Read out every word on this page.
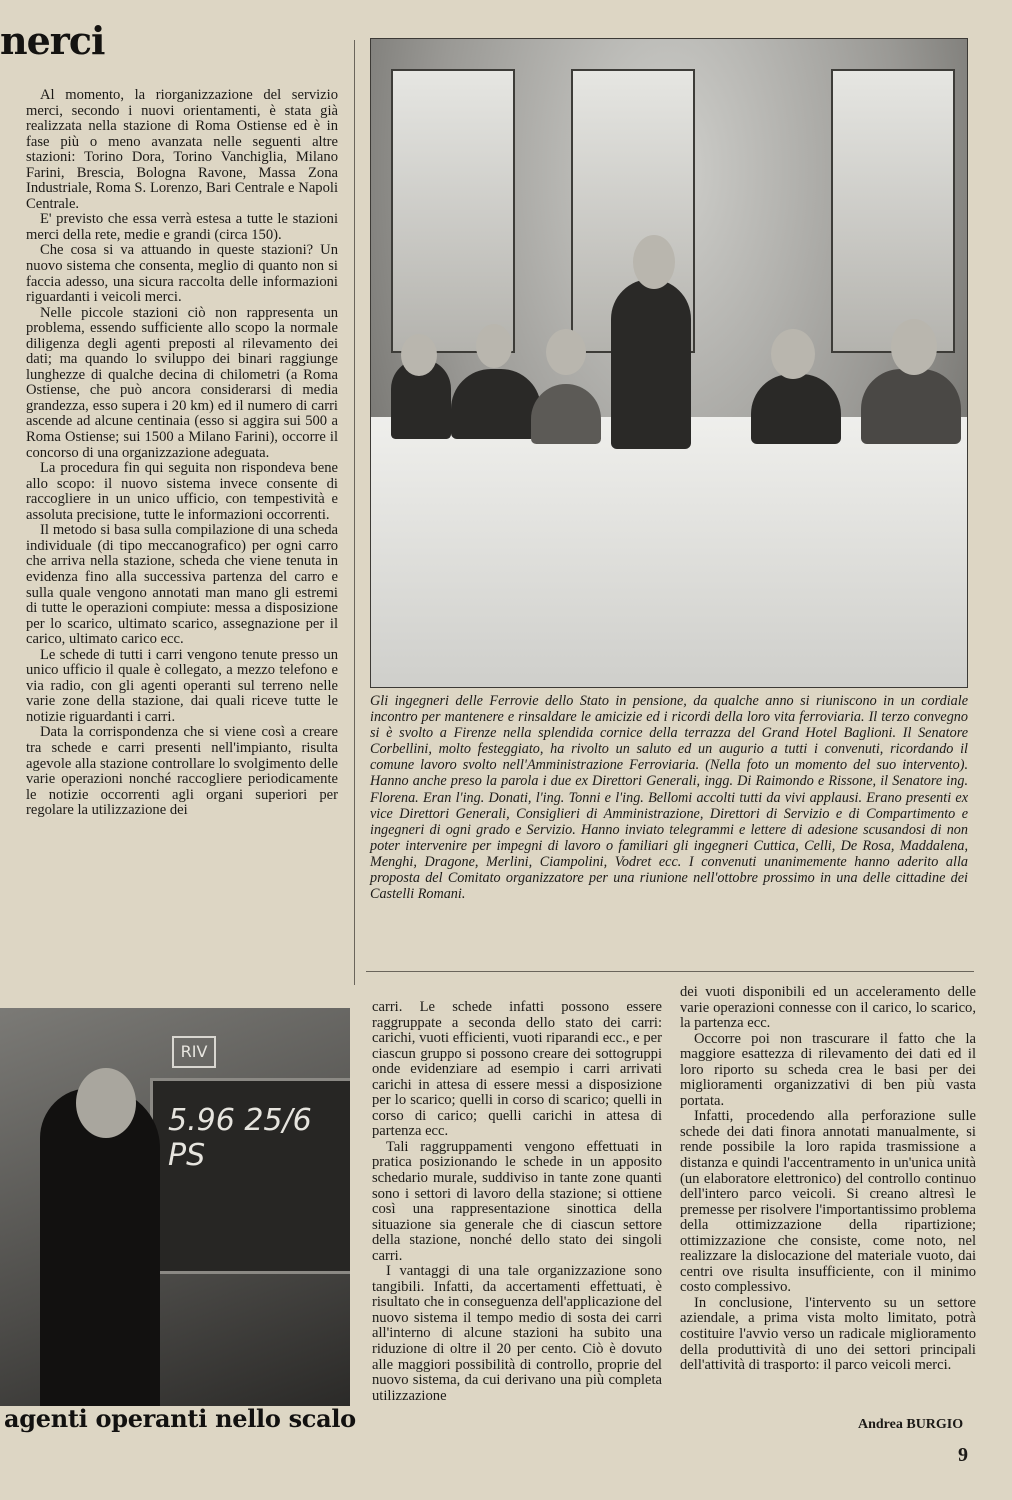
nerci

Al momento, la riorganizzazione del servizio merci, secondo i nuovi orientamenti, è stata già realizzata nella stazione di Roma Ostiense ed è in fase più o meno avanzata nelle seguenti altre stazioni: Torino Dora, Torino Vanchiglia, Milano Farini, Brescia, Bologna Ravone, Massa Zona Industriale, Roma S. Lorenzo, Bari Centrale e Napoli Centrale.

E' previsto che essa verrà estesa a tutte le stazioni merci della rete, medie e grandi (circa 150).

Che cosa si va attuando in queste stazioni? Un nuovo sistema che consenta, meglio di quanto non si faccia adesso, una sicura raccolta delle informazioni riguardanti i veicoli merci.

Nelle piccole stazioni ciò non rappresenta un problema, essendo sufficiente allo scopo la normale diligenza degli agenti preposti al rilevamento dei dati; ma quando lo sviluppo dei binari raggiunge lunghezze di qualche decina di chilometri (a Roma Ostiense, che può ancora considerarsi di media grandezza, esso supera i 20 km) ed il numero di carri ascende ad alcune centinaia (esso si aggira sui 500 a Roma Ostiense; sui 1500 a Milano Farini), occorre il concorso di una organizzazione adeguata.

La procedura fin qui seguita non rispondeva bene allo scopo: il nuovo sistema invece consente di raccogliere in un unico ufficio, con tempestività e assoluta precisione, tutte le informazioni occorrenti.

Il metodo si basa sulla compilazione di una scheda individuale (di tipo meccanografico) per ogni carro che arriva nella stazione, scheda che viene tenuta in evidenza fino alla successiva partenza del carro e sulla quale vengono annotati man mano gli estremi di tutte le operazioni compiute: messa a disposizione per lo scarico, ultimato scarico, assegnazione per il carico, ultimato carico ecc.

Le schede di tutti i carri vengono tenute presso un unico ufficio il quale è collegato, a mezzo telefono e via radio, con gli agenti operanti sul terreno nelle varie zone della stazione, dai quali riceve tutte le notizie riguardanti i carri.

Data la corrispondenza che si viene così a creare tra schede e carri presenti nell'impianto, risulta agevole alla stazione controllare lo svolgimento delle varie operazioni nonché raccogliere periodicamente le notizie occorrenti agli organi superiori per regolare la utilizzazione dei

Gli ingegneri delle Ferrovie dello Stato in pensione, da qualche anno si riuniscono in un cordiale incontro per mantenere e rinsaldare le amicizie ed i ricordi della loro vita ferroviaria. Il terzo convegno si è svolto a Firenze nella splendida cornice della terrazza del Grand Hotel Baglioni. Il Senatore Corbellini, molto festeggiato, ha rivolto un saluto ed un augurio a tutti i convenuti, ricordando il comune lavoro svolto nell'Amministrazione Ferroviaria. (Nella foto un momento del suo intervento). Hanno anche preso la parola i due ex Direttori Generali, ingg. Di Raimondo e Rissone, il Senatore ing. Florena. Eran l'ing. Donati, l'ing. Tonni e l'ing. Bellomi accolti tutti da vivi applausi. Erano presenti ex vice Direttori Generali, Consiglieri di Amministrazione, Direttori di Servizio e di Compartimento e ingegneri di ogni grado e Servizio. Hanno inviato telegrammi e lettere di adesione scusandosi di non poter intervenire per impegni di lavoro o familiari gli ingegneri Cuttica, Celli, De Rosa, Maddalena, Menghi, Dragone, Merlini, Ciampolini, Vodret ecc. I convenuti unanimemente hanno aderito alla proposta del Comitato organizzatore per una riunione nell'ottobre prossimo in una delle cittadine dei Castelli Romani.
RIV
5.96 25/6 PS
agenti operanti nello scalo

carri. Le schede infatti possono essere raggruppate a seconda dello stato dei carri: carichi, vuoti efficienti, vuoti riparandi ecc., e per ciascun gruppo si possono creare dei sottogruppi onde evidenziare ad esempio i carri arrivati carichi in attesa di essere messi a disposizione per lo scarico; quelli in corso di scarico; quelli in corso di carico; quelli carichi in attesa di partenza ecc.

Tali raggruppamenti vengono effettuati in pratica posizionando le schede in un apposito schedario murale, suddiviso in tante zone quanti sono i settori di lavoro della stazione; si ottiene così una rappresentazione sinottica della situazione sia generale che di ciascun settore della stazione, nonché dello stato dei singoli carri.

I vantaggi di una tale organizzazione sono tangibili. Infatti, da accertamenti effettuati, è risultato che in conseguenza dell'applicazione del nuovo sistema il tempo medio di sosta dei carri all'interno di alcune stazioni ha subito una riduzione di oltre il 20 per cento. Ciò è dovuto alle maggiori possibilità di controllo, proprie del nuovo sistema, da cui derivano una più completa utilizzazione

dei vuoti disponibili ed un acceleramento delle varie operazioni connesse con il carico, lo scarico, la partenza ecc.

Occorre poi non trascurare il fatto che la maggiore esattezza di rilevamento dei dati ed il loro riporto su scheda crea le basi per dei miglioramenti organizzativi di ben più vasta portata.

Infatti, procedendo alla perforazione sulle schede dei dati finora annotati manualmente, si rende possibile la loro rapida trasmissione a distanza e quindi l'accentramento in un'unica unità (un elaboratore elettronico) del controllo continuo dell'intero parco veicoli. Si creano altresì le premesse per risolvere l'importantissimo problema della ottimizzazione della ripartizione; ottimizzazione che consiste, come noto, nel realizzare la dislocazione del materiale vuoto, dai centri ove risulta insufficiente, con il minimo costo complessivo.

In conclusione, l'intervento su un settore aziendale, a prima vista molto limitato, potrà costituire l'avvio verso un radicale miglioramento della produttività di uno dei settori principali dell'attività di trasporto: il parco veicoli merci.

Andrea BURGIO
9
